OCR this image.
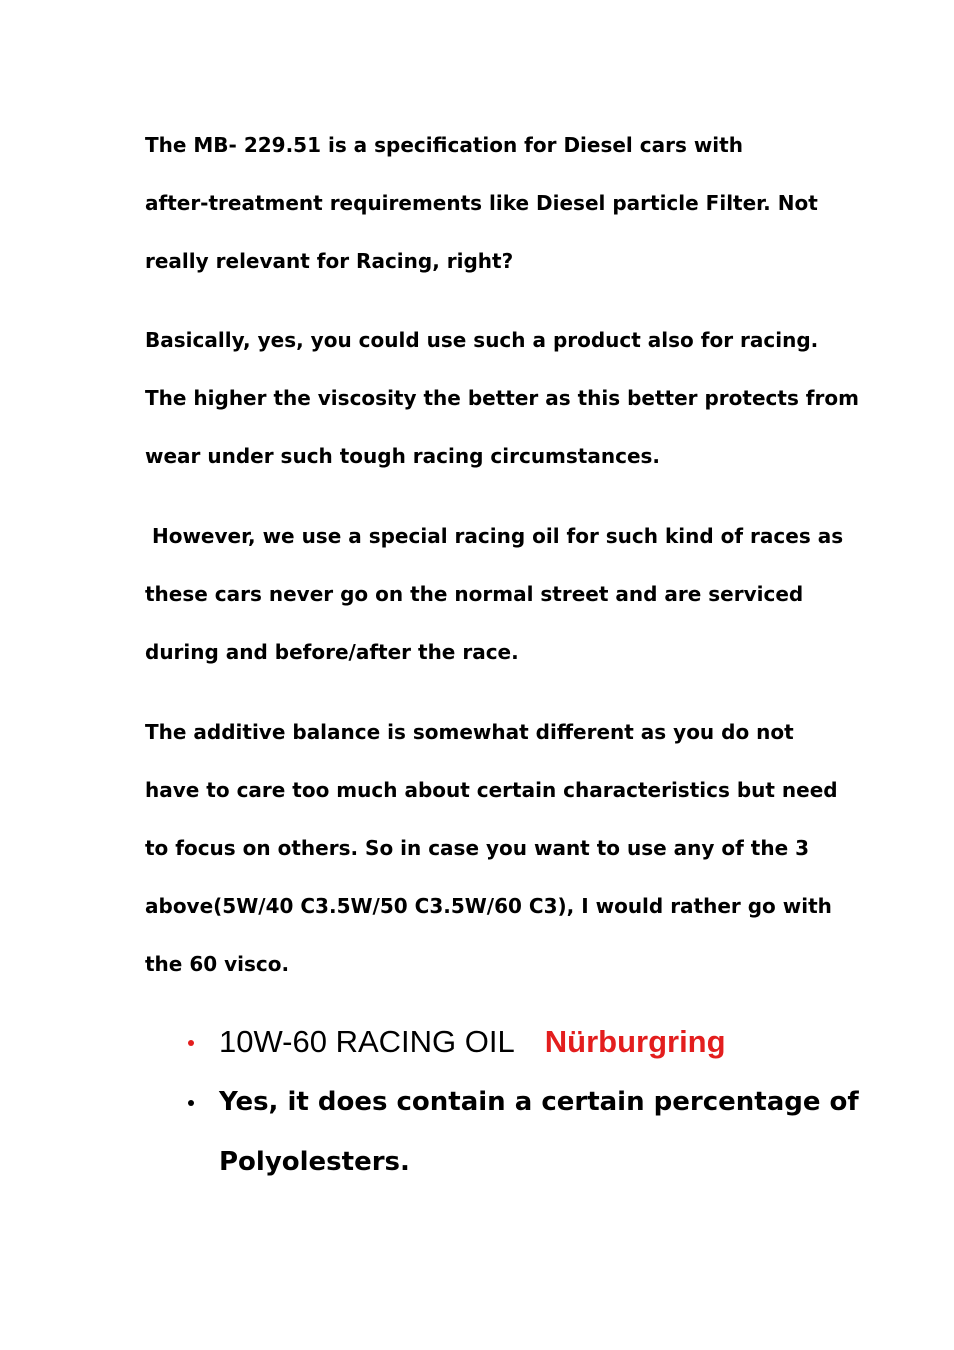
The MB- 229.51 is a specification for Diesel cars with
after-treatment requirements like Diesel particle Filter. Not
really relevant for Racing, right?

Basically, yes, you could use such a product also for racing.
The higher the viscosity the better as this better protects from
wear under such tough racing circumstances.

However, we use a special racing oil for such kind of races as
these cars never go on the normal street and are serviced
during and before/after the race.

The additive balance is somewhat different as you do not
have to care too much about certain characteristics but need
to focus on others. So in case you want to use any of the 3
above(5W/40 C3.5W/50 C3.5W/60 C3), I would rather go with
the 60 visco.

10W-60 RACING OIL Nürburgring
Yes, it does contain a certain percentage of
Polyolesters.
